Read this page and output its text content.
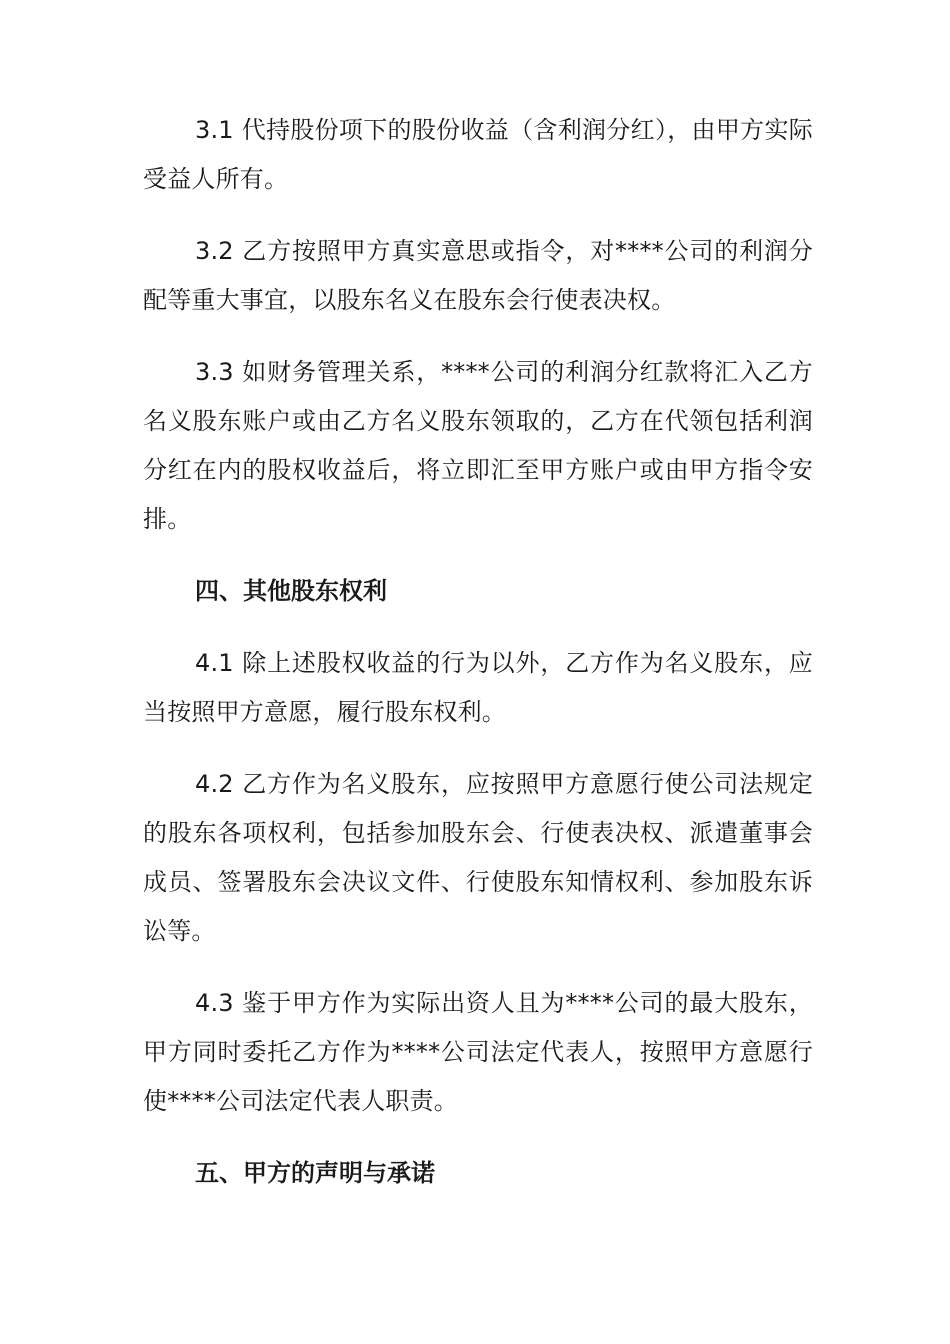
3.1 代持股份项下的股份收益（含利润分红），由甲方实际受益人所有。

3.2 乙方按照甲方真实意思或指令，对****公司的利润分配等重大事宜，以股东名义在股东会行使表决权。

3.3 如财务管理关系，****公司的利润分红款将汇入乙方名义股东账户或由乙方名义股东领取的，乙方在代领包括利润分红在内的股权收益后，将立即汇至甲方账户或由甲方指令安排。

四、其他股东权利

4.1 除上述股权收益的行为以外，乙方作为名义股东，应当按照甲方意愿，履行股东权利。

4.2 乙方作为名义股东，应按照甲方意愿行使公司法规定的股东各项权利，包括参加股东会、行使表决权、派遣董事会成员、签署股东会决议文件、行使股东知情权利、参加股东诉讼等。

4.3 鉴于甲方作为实际出资人且为****公司的最大股东，甲方同时委托乙方作为****公司法定代表人，按照甲方意愿行使****公司法定代表人职责。

五、甲方的声明与承诺
